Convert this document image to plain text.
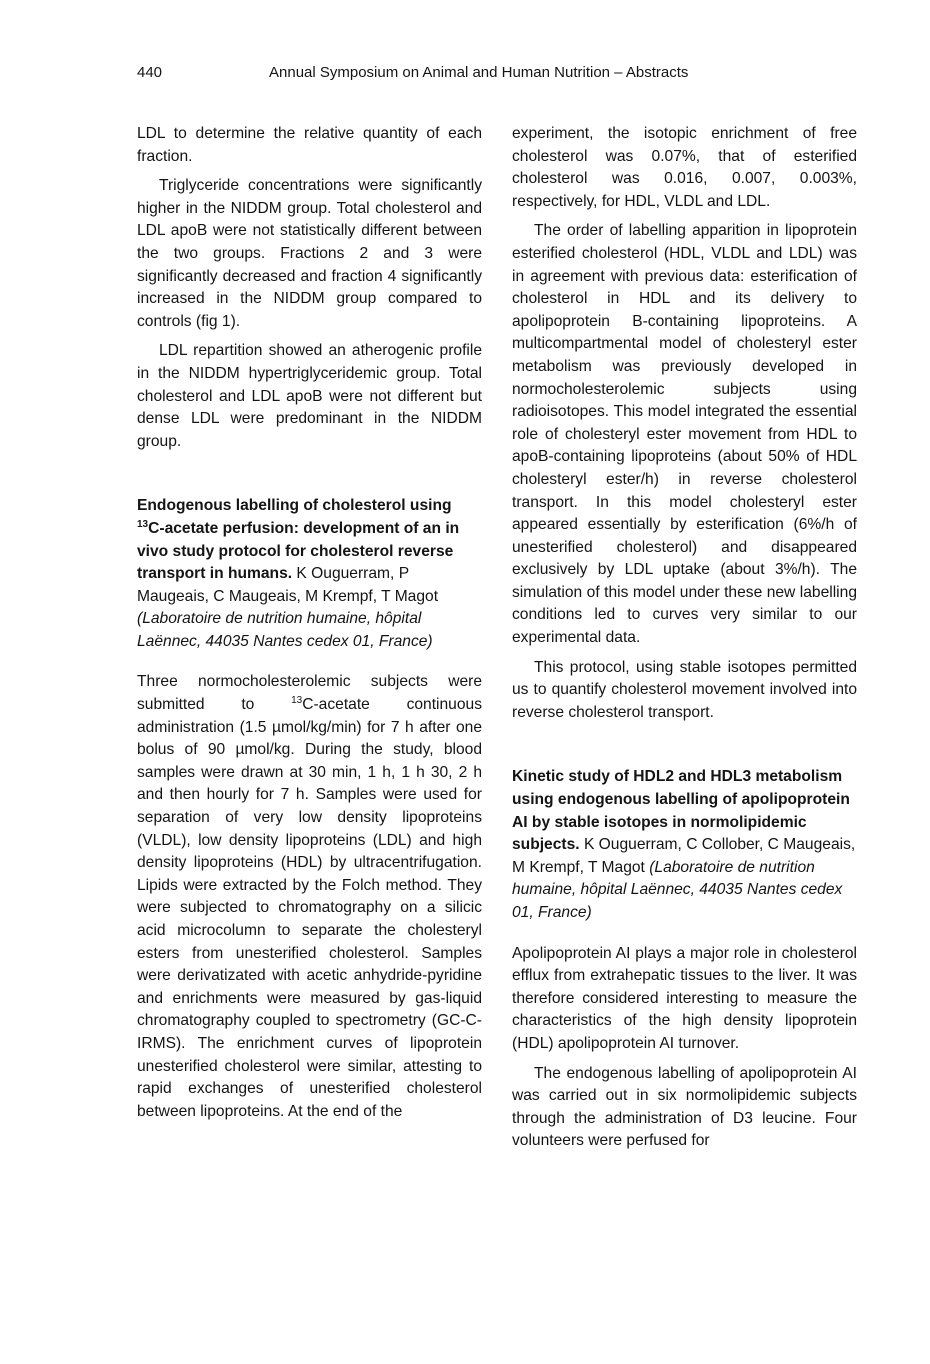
440	Annual Symposium on Animal and Human Nutrition – Abstracts

LDL to determine the relative quantity of each fraction.

Triglyceride concentrations were significantly higher in the NIDDM group. Total cholesterol and LDL apoB were not statistically different between the two groups. Fractions 2 and 3 were significantly decreased and fraction 4 significantly increased in the NIDDM group compared to controls (fig 1).

LDL repartition showed an atherogenic profile in the NIDDM hypertriglyceridemic group. Total cholesterol and LDL apoB were not different but dense LDL were predominant in the NIDDM group.

Endogenous labelling of cholesterol using $^{13}$C-acetate perfusion: development of an in vivo study protocol for cholesterol reverse transport in humans. K Ouguerram, P Maugeais, C Maugeais, M Krempf, T Magot (Laboratoire de nutrition humaine, hôpital Laënnec, 44035 Nantes cedex 01, France)

Three normocholesterolemic subjects were submitted to $^{13}$C-acetate continuous administration (1.5 µmol/kg/min) for 7 h after one bolus of 90 µmol/kg. During the study, blood samples were drawn at 30 min, 1 h, 1 h 30, 2 h and then hourly for 7 h. Samples were used for separation of very low density lipoproteins (VLDL), low density lipoproteins (LDL) and high density lipoproteins (HDL) by ultracentrifugation. Lipids were extracted by the Folch method. They were subjected to chromatography on a silicic acid microcolumn to separate the cholesteryl esters from unesterified cholesterol. Samples were derivatizated with acetic anhydride-pyridine and enrichments were measured by gas-liquid chromatography coupled to spectrometry (GC-C-IRMS). The enrichment curves of lipoprotein unesterified cholesterol were similar, attesting to rapid exchanges of unesterified cholesterol between lipoproteins. At the end of the

experiment, the isotopic enrichment of free cholesterol was 0.07%, that of esterified cholesterol was 0.016, 0.007, 0.003%, respectively, for HDL, VLDL and LDL.

The order of labelling apparition in lipoprotein esterified cholesterol (HDL, VLDL and LDL) was in agreement with previous data: esterification of cholesterol in HDL and its delivery to apolipoprotein B-containing lipoproteins. A multicompartmental model of cholesteryl ester metabolism was previously developed in normocholesterolemic subjects using radioisotopes. This model integrated the essential role of cholesteryl ester movement from HDL to apoB-containing lipoproteins (about 50% of HDL cholesteryl ester/h) in reverse cholesterol transport. In this model cholesteryl ester appeared essentially by esterification (6%/h of unesterified cholesterol) and disappeared exclusively by LDL uptake (about 3%/h). The simulation of this model under these new labelling conditions led to curves very similar to our experimental data.

This protocol, using stable isotopes permitted us to quantify cholesterol movement involved into reverse cholesterol transport.

Kinetic study of HDL2 and HDL3 metabolism using endogenous labelling of apolipoprotein AI by stable isotopes in normolipidemic subjects. K Ouguerram, C Collober, C Maugeais, M Krempf, T Magot (Laboratoire de nutrition humaine, hôpital Laënnec, 44035 Nantes cedex 01, France)

Apolipoprotein AI plays a major role in cholesterol efflux from extrahepatic tissues to the liver. It was therefore considered interesting to measure the characteristics of the high density lipoprotein (HDL) apolipoprotein AI turnover.

The endogenous labelling of apolipoprotein AI was carried out in six normolipidemic subjects through the administration of D3 leucine. Four volunteers were perfused for
